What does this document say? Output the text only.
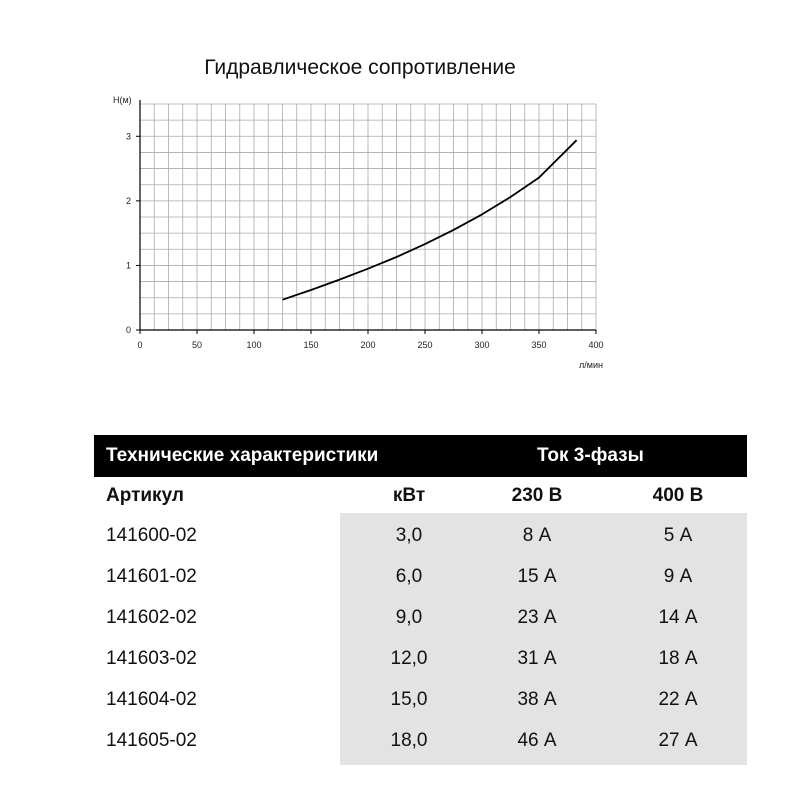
Гидравлическое сопротивление
0	50	100	150	200	250	300	350	400
0
1
2
3
H(м)
л/мин
Технические характеристики	Ток 3-фазы
Артикул	кВт	230 В	400 В
141600-02	3,0	8 А	5 А
141601-02	6,0	15 А	9 А
141602-02	9,0	23 А	14 А
141603-02	12,0	31 А	18 А
141604-02	15,0	38 А	22 А
141605-02	18,0	46 А	27 А
